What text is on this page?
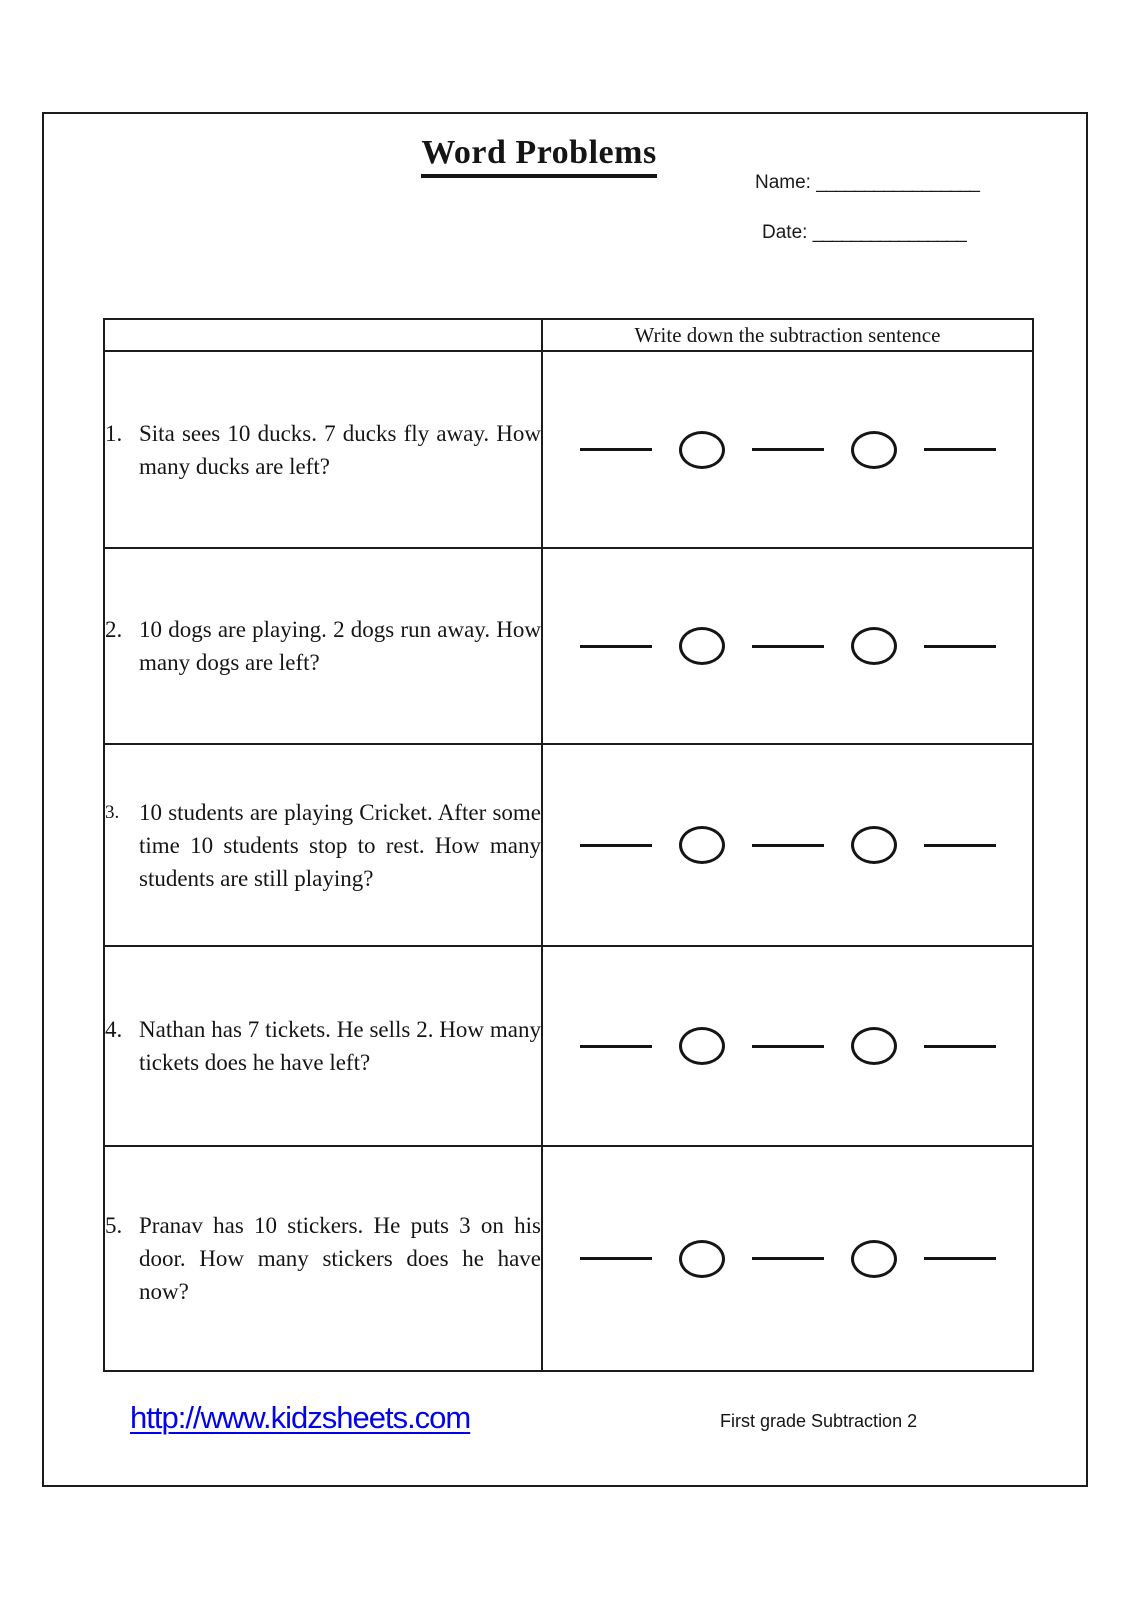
Word Problems
Name: _________________
Date: ________________
	Write down the subtraction sentence

1. Sita sees 10 ducks. 7 ducks fly away. How many ducks are left?	

2. 10 dogs are playing. 2 dogs run away. How many dogs are left?	

3. 10 students are playing Cricket. After some time 10 students stop to rest. How many students are still playing?	

4. Nathan has 7 tickets. He sells 2. How many tickets does he have left?	

5. Pranav has 10 stickers. He puts 3 on his door. How many stickers does he have now?	

http://www.kidzsheets.com	First grade Subtraction 2
